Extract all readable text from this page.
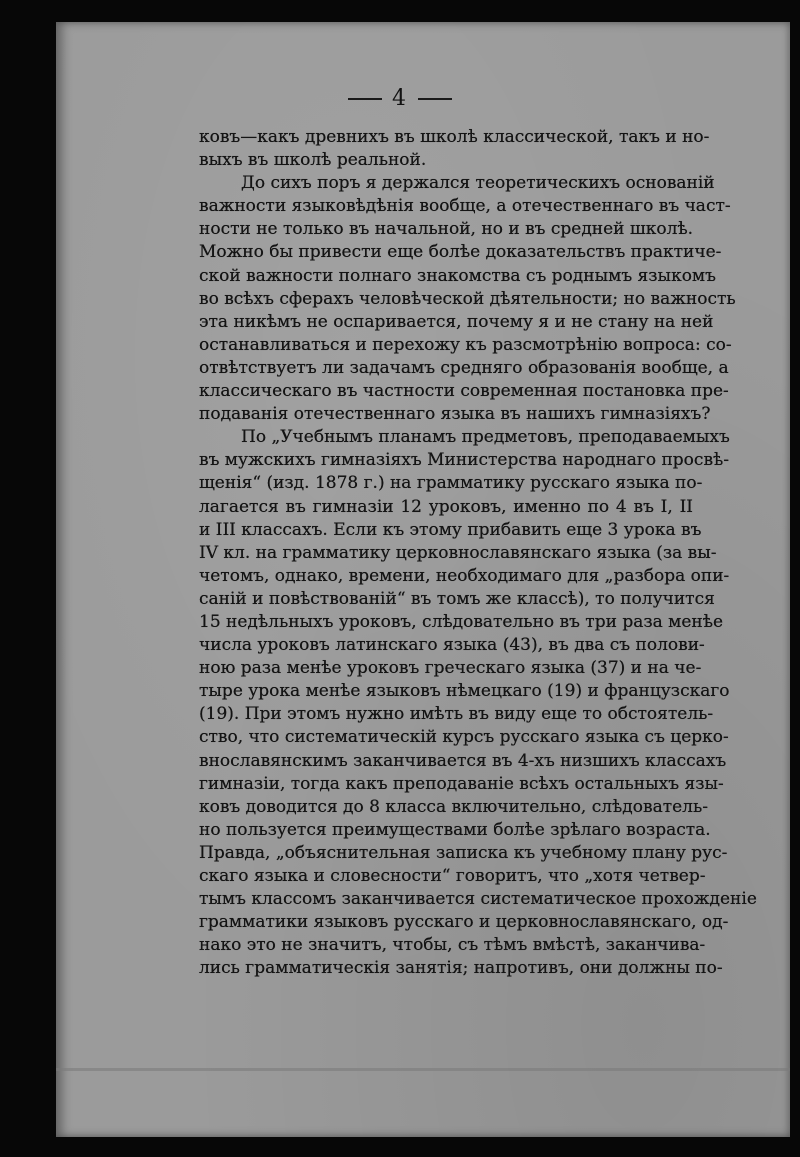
4
ковъ—какъ древнихъ въ школѣ классической, такъ и но-
выхъ въ школѣ реальной.
До сихъ поръ я держался теоретическихъ основаній
важности языковѣдѣнія вообще, а отечественнаго въ част-
ности не только въ начальной, но и въ средней школѣ.
Можно бы привести еще болѣе доказательствъ практиче-
ской важности полнаго знакомства съ роднымъ языкомъ
во всѣхъ сферахъ человѣческой дѣятельности; но важность
эта никѣмъ не оспаривается, почему я и не стану на ней
останавливаться и перехожу къ разсмотрѣнію вопроса: со-
отвѣтствуетъ ли задачамъ средняго образованія вообще, а
классическаго въ частности современная постановка пре-
подаванія отечественнаго языка въ нашихъ гимназіяхъ?
По „Учебнымъ планамъ предметовъ, преподаваемыхъ
въ мужскихъ гимназіяхъ Министерства народнаго просвѣ-
щенія“ (изд. 1878 г.) на грамматику русскаго языка по-
лагается въ гимназіи 12 уроковъ, именно по 4 въ I, II
и III классахъ. Если къ этому прибавить еще 3 урока въ
IV кл. на грамматику церковнославянскаго языка (за вы-
четомъ, однако, времени, необходимаго для „разбора опи-
саній и повѣствованій“ въ томъ же классѣ), то получится
15 недѣльныхъ уроковъ, слѣдовательно въ три раза менѣе
числа уроковъ латинскаго языка (43), въ два съ полови-
ною раза менѣе уроковъ греческаго языка (37) и на че-
тыре урока менѣе языковъ нѣмецкаго (19) и французскаго
(19). При этомъ нужно имѣть въ виду еще то обстоятель-
ство, что систематическій курсъ русскаго языка съ церко-
внославянскимъ заканчивается въ 4-хъ низшихъ классахъ
гимназіи, тогда какъ преподаваніе всѣхъ остальныхъ язы-
ковъ доводится до 8 класса включительно, слѣдователь-
но пользуется преимуществами болѣе зрѣлаго возраста.
Правда, „объяснительная записка къ учебному плану рус-
скаго языка и словесности“ говоритъ, что „хотя четвер-
тымъ классомъ заканчивается систематическое прохожденіе
грамматики языковъ русскаго и церковнославянскаго, од-
нако это не значитъ, чтобы, съ тѣмъ вмѣстѣ, заканчива-
лись грамматическія занятія; напротивъ, они должны по-
